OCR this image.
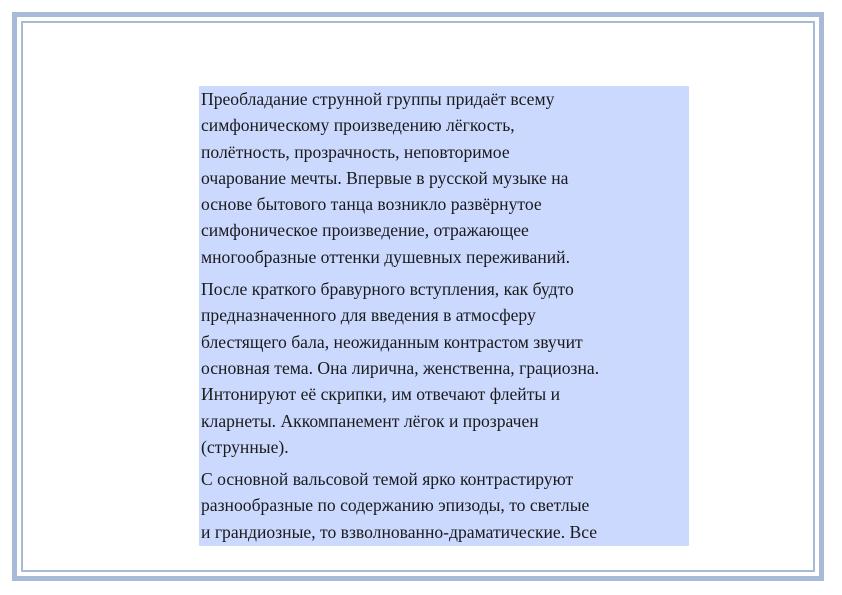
Преобладание струнной группы придаёт всему
симфоническому произведению лёгкость,
полётность, прозрачность, неповторимое
очарование мечты. Впервые в русской музыке на
основе бытового танца возникло развёрнутое
симфоническое произведение, отражающее
многообразные оттенки душевных переживаний.

После краткого бравурного вступления, как будто
предназначенного для введения в атмосферу
блестящего бала, неожиданным контрастом звучит
основная тема. Она лирична, женственна, грациозна.
Интонируют её скрипки, им отвечают флейты и
кларнеты. Аккомпанемент лёгок и прозрачен
(струнные).

С основной вальсовой темой ярко контрастируют
разнообразные по содержанию эпизоды, то светлые
и грандиозные, то взволнованно-драматические. Все
